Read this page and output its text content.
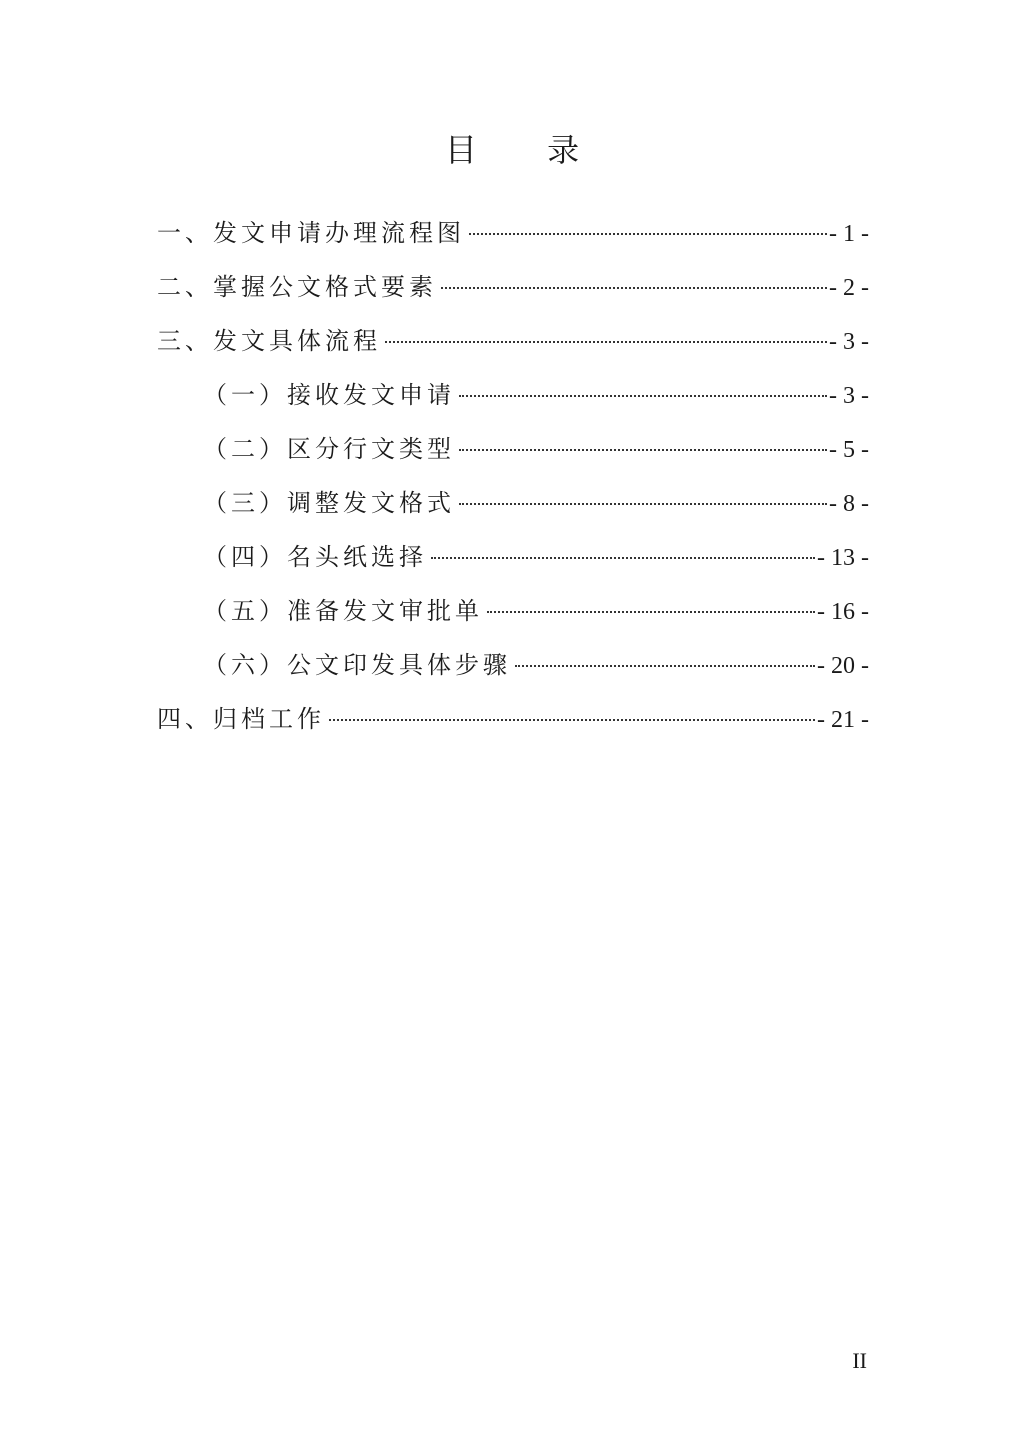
目 录
一、发文申请办理流程图	- 1 -
二、掌握公文格式要素	- 2 -
三、发文具体流程	- 3 -
（一）接收发文申请	- 3 -
（二）区分行文类型	- 5 -
（三）调整发文格式	- 8 -
（四）名头纸选择	- 13 -
（五）准备发文审批单	- 16 -
（六）公文印发具体步骤	- 20 -
四、归档工作	- 21 -
II
